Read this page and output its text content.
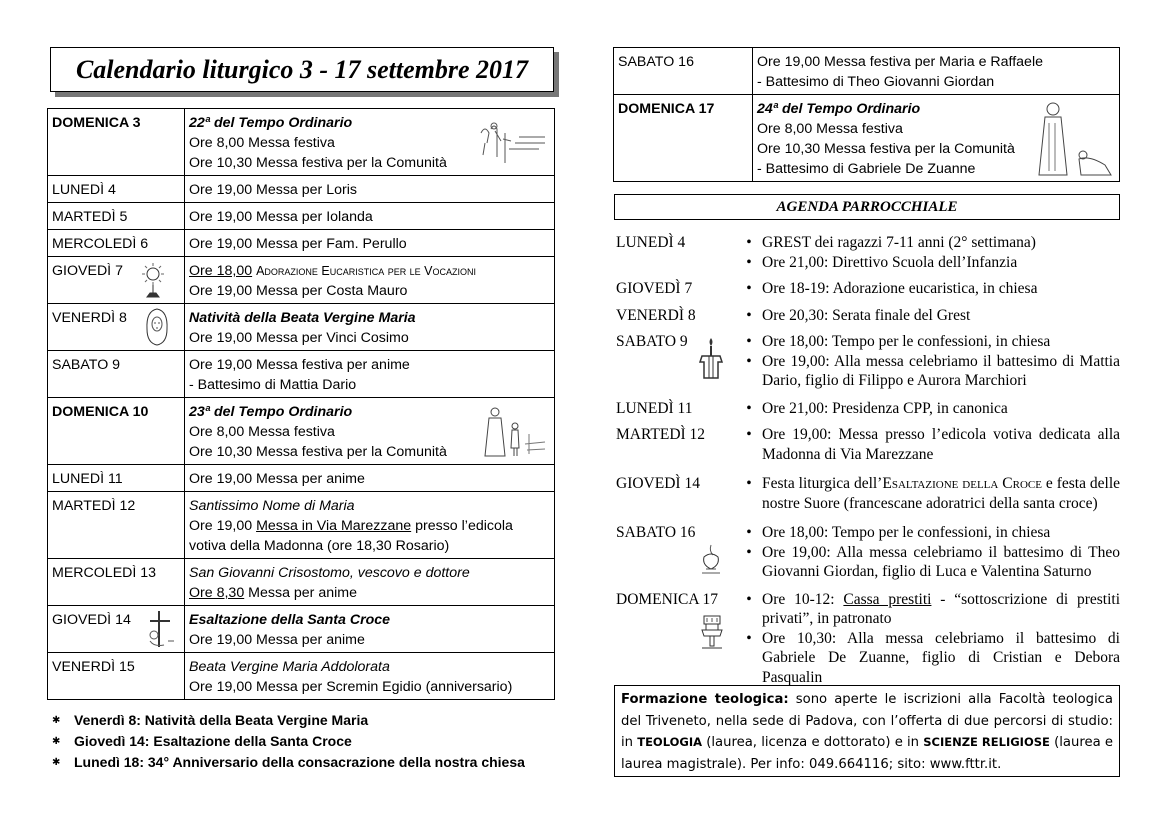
Calendario liturgico 3 - 17 settembre 2017
DOMENICA 3	22ª del Tempo Ordinario
Ore 8,00 Messa festiva
Ore 10,30 Messa festiva per la Comunità

LUNEDÌ 4	Ore 19,00 Messa per Loris
MARTEDÌ 5	Ore 19,00 Messa per Iolanda
MERCOLEDÌ 6	Ore 19,00 Messa per Fam. Perullo
GIOVEDÌ 7	Ore 18,00 Adorazione Eucaristica per le Vocazioni
Ore 19,00 Messa per Costa Mauro

VENERDÌ 8	Natività della Beata Vergine Maria
Ore 19,00 Messa per Vinci Cosimo

SABATO 9	Ore 19,00 Messa festiva per anime
- Battesimo di Mattia Dario

DOMENICA 10	23ª del Tempo Ordinario
Ore 8,00 Messa festiva
Ore 10,30 Messa festiva per la Comunità

LUNEDÌ 11	Ore 19,00 Messa per anime
MARTEDÌ 12	Santissimo Nome di Maria
Ore 19,00 Messa in Via Marezzane presso l’edicola votiva della Madonna (ore 18,30 Rosario)

MERCOLEDÌ 13	San Giovanni Crisostomo, vescovo e dottore
Ore 8,30 Messa per anime

GIOVEDÌ 14	Esaltazione della Santa Croce
Ore 19,00 Messa per anime

VENERDÌ 15	Beata Vergine Maria Addolorata
Ore 19,00 Messa per Scremin Egidio (anniversario)
✱ Venerdì 8: Natività della Beata Vergine Maria
✱ Giovedì 14: Esaltazione della Santa Croce
✱ Lunedì 18: 34° Anniversario della consacrazione della nostra chiesa
SABATO 16	Ore 19,00 Messa festiva per Maria e Raffaele
- Battesimo di Theo Giovanni Giordan

DOMENICA 17	24ª del Tempo Ordinario
Ore 8,00 Messa festiva
Ore 10,30 Messa festiva per la Comunità
- Battesimo di Gabriele De Zuanne
AGENDA PARROCCHIALE
LUNEDÌ 4	• GREST dei ragazzi 7-11 anni (2° settimana)
• Ore 21,00: Direttivo Scuola dell’Infanzia
GIOVEDÌ 7	• Ore 18-19: Adorazione eucaristica, in chiesa
VENERDÌ 8	• Ore 20,30: Serata finale del Grest
SABATO 9	• Ore 18,00: Tempo per le confessioni, in chiesa
• Ore 19,00: Alla messa celebriamo il battesimo di Mattia Dario, figlio di Filippo e Aurora Marchiori
LUNEDÌ 11	• Ore 21,00: Presidenza CPP, in canonica
MARTEDÌ 12	• Ore 19,00: Messa presso l’edicola votiva dedicata alla Madonna di Via Marezzane
GIOVEDÌ 14	• Festa liturgica dell’Esaltazione della Croce e festa delle nostre Suore (francescane adoratrici della santa croce)
SABATO 16	• Ore 18,00: Tempo per le confessioni, in chiesa
• Ore 19,00: Alla messa celebriamo il battesimo di Theo Giovanni Giordan, figlio di Luca e Valentina Saturno
DOMENICA 17	• Ore 10-12: Cassa prestiti - “sottoscrizione di prestiti privati”, in patronato
• Ore 10,30: Alla messa celebriamo il battesimo di Gabriele De Zuanne, figlio di Cristian e Debora Pasqualin
Formazione teologica: sono aperte le iscrizioni alla Facoltà teologica del Triveneto, nella sede di Padova, con l’offerta di due percorsi di studio: in TEOLOGIA (laurea, licenza e dottorato) e in SCIENZE RELIGIOSE (laurea e laurea magistrale). Per info: 049.664116; sito: www.fttr.it.
